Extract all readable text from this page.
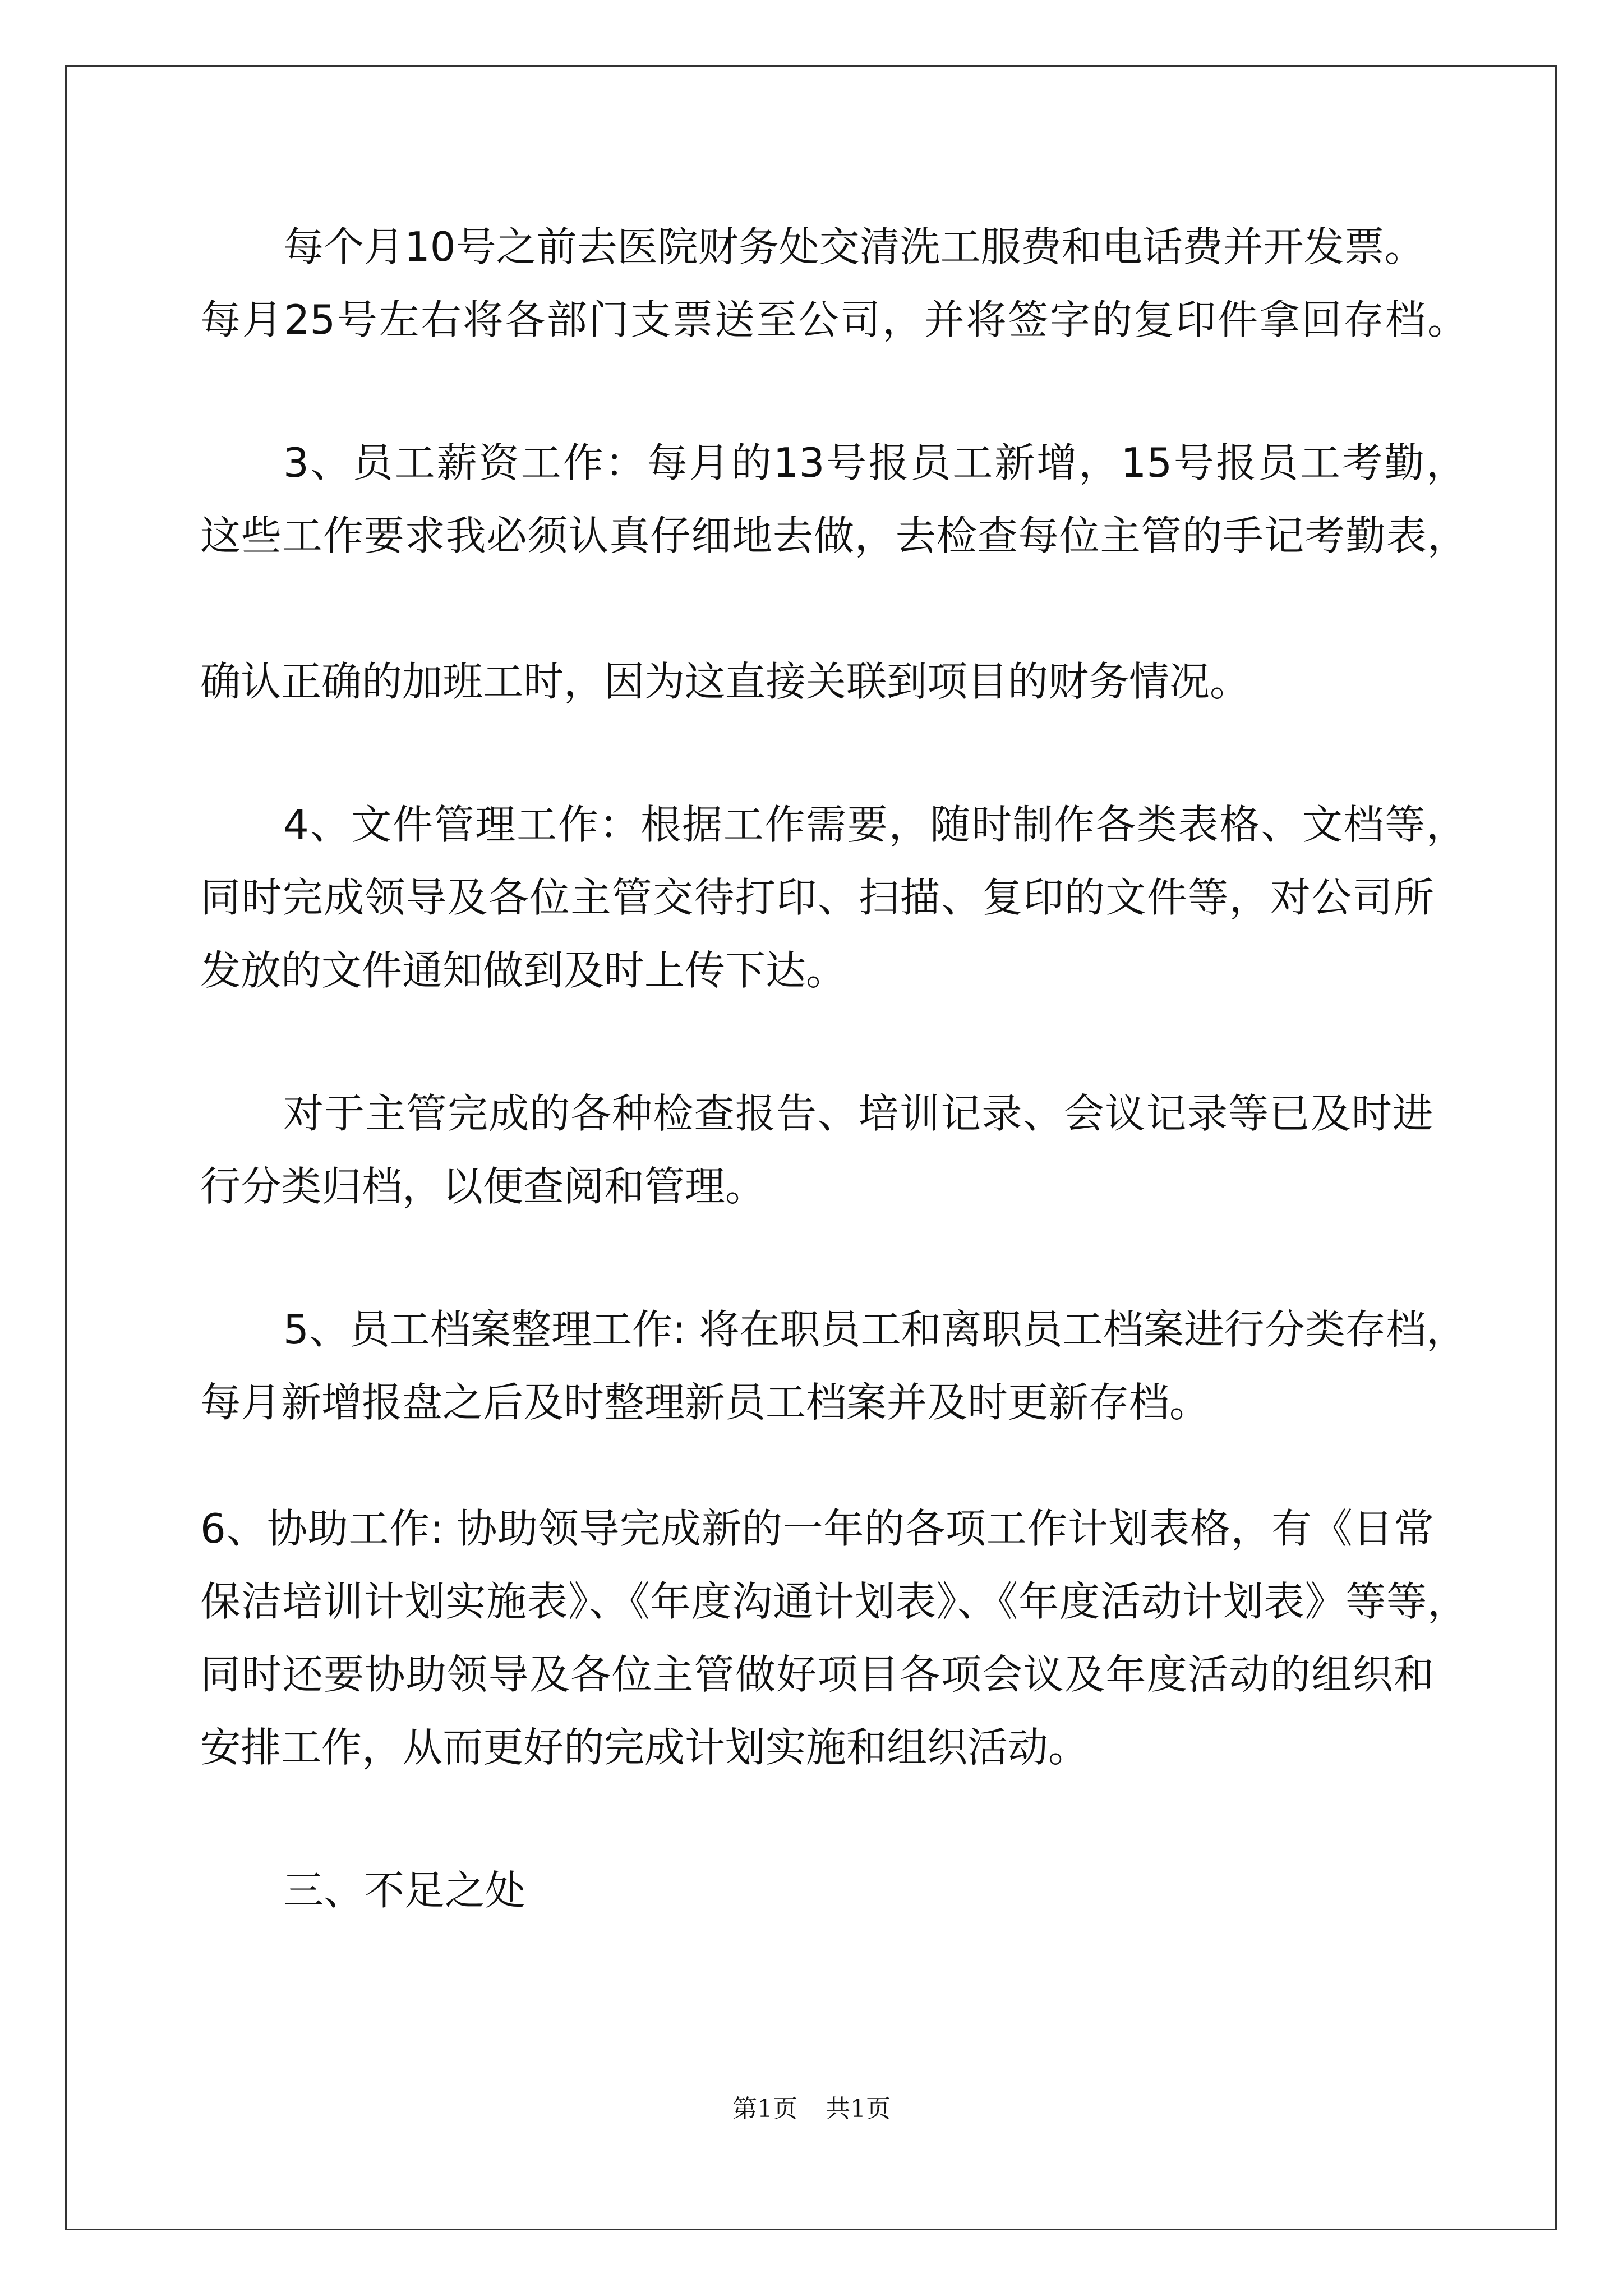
每个月10号之前去医院财务处交清洗工服费和电话费并开发票。
每月25号左右将各部门支票送至公司，并将签字的复印件拿回存档。
3、员工薪资工作：每月的13号报员工新增，15号报员工考勤，
这些工作要求我必须认真仔细地去做，去检查每位主管的手记考勤表，
确认正确的加班工时，因为这直接关联到项目的财务情况。
4、文件管理工作：根据工作需要，随时制作各类表格、文档等，
同时完成领导及各位主管交待打印、扫描、复印的文件等，对公司所
发放的文件通知做到及时上传下达。
对于主管完成的各种检查报告、培训记录、会议记录等已及时进
行分类归档，以便查阅和管理。
5、员工档案整理工作: 将在职员工和离职员工档案进行分类存档，
每月新增报盘之后及时整理新员工档案并及时更新存档。
6、协助工作: 协助领导完成新的一年的各项工作计划表格，有《日常
保洁培训计划实施表》、《年度沟通计划表》、《年度活动计划表》等等，
同时还要协助领导及各位主管做好项目各项会议及年度活动的组织和
安排工作，从而更好的完成计划实施和组织活动。
三、不足之处
第1页 共1页
